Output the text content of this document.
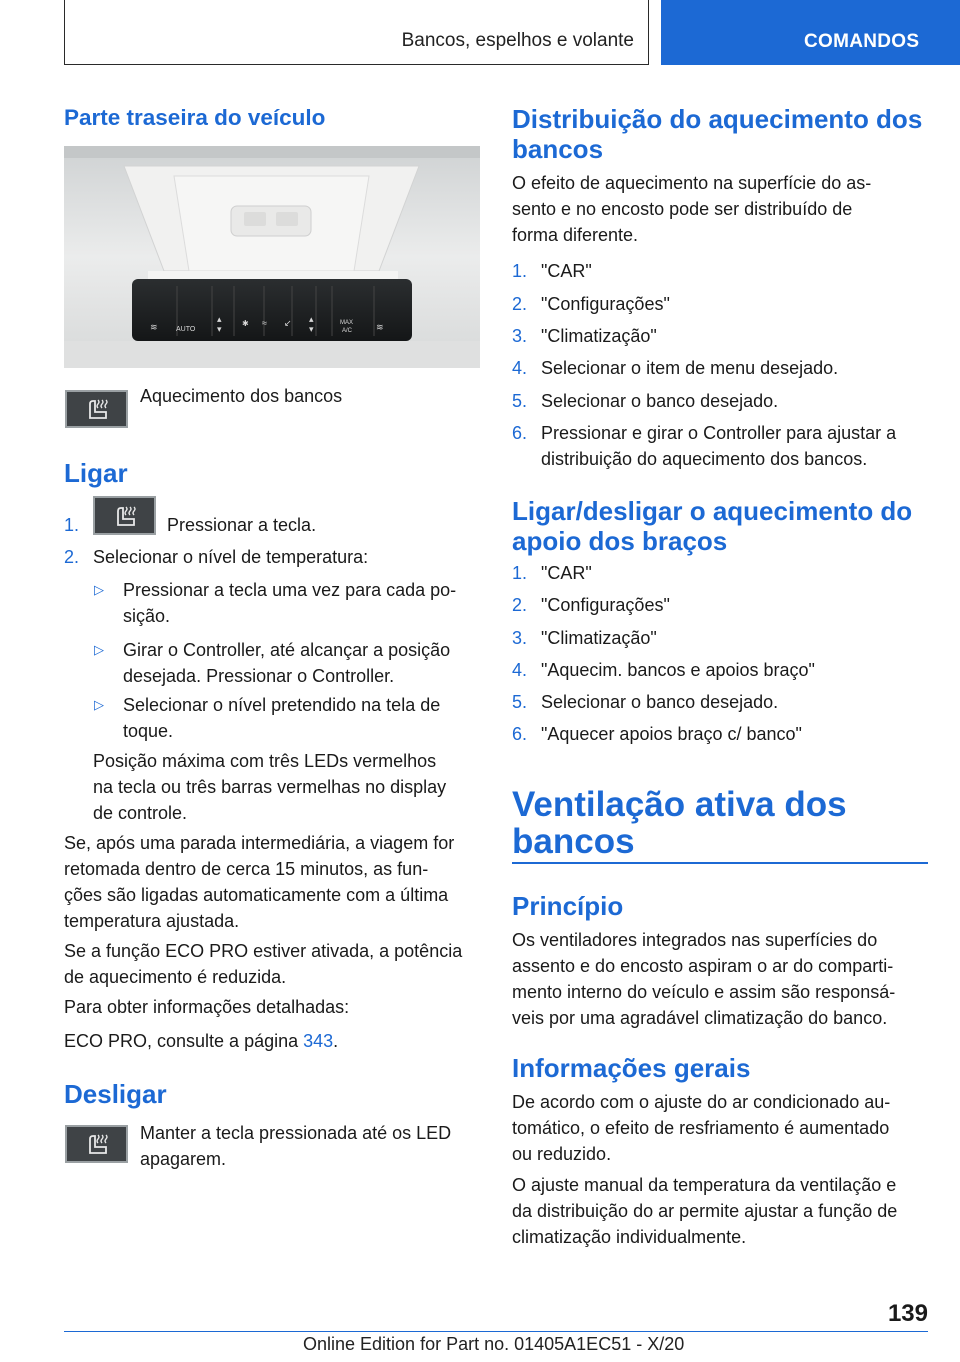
Bancos, espelhos e volante	COMANDOS
Parte traseira do veículo
≋	AUTO
▴
▾
✱ ≈ ↙ ▴
▾
MAX
A/C	≋
Aquecimento dos bancos
Ligar
1.	Pressionar a tecla.
2. Selecionar o nível de temperatura:
▷ Pressionar a tecla uma vez para cada po-
sição.
▷ Girar o Controller, até alcançar a posição
desejada. Pressionar o Controller.
▷ Selecionar o nível pretendido na tela de
toque.
Posição máxima com três LEDs vermelhos
na tecla ou três barras vermelhas no display
de controle.
Se, após uma parada intermediária, a viagem for
retomada dentro de cerca 15 minutos, as fun-
ções são ligadas automaticamente com a última
temperatura ajustada.
Se a função ECO PRO estiver ativada, a potência
de aquecimento é reduzida.
Para obter informações detalhadas:
ECO PRO, consulte a página 343.
Desligar
Manter a tecla pressionada até os LED
apagarem.
Distribuição do aquecimento dos
bancos
O efeito de aquecimento na superfície do as-
sento e no encosto pode ser distribuído de
forma diferente.
1. "CAR"
2. "Configurações"
3. "Climatização"
4. Selecionar o item de menu desejado.
5. Selecionar o banco desejado.
6. Pressionar e girar o Controller para ajustar a
distribuição do aquecimento dos bancos.
Ligar/desligar o aquecimento do
apoio dos braços
1. "CAR"
2. "Configurações"
3. "Climatização"
4. "Aquecim. bancos e apoios braço"
5. Selecionar o banco desejado.
6. "Aquecer apoios braço c/ banco"
Ventilação ativa dos
bancos
Princípio
Os ventiladores integrados nas superfícies do
assento e do encosto aspiram o ar do comparti-
mento interno do veículo e assim são responsá-
veis por uma agradável climatização do banco.
Informações gerais
De acordo com o ajuste do ar condicionado au-
tomático, o efeito de resfriamento é aumentado
ou reduzido.
O ajuste manual da temperatura da ventilação e
da distribuição do ar permite ajustar a função de
climatização individualmente.
139
Online Edition for Part no. 01405A1EC51 - X/20
